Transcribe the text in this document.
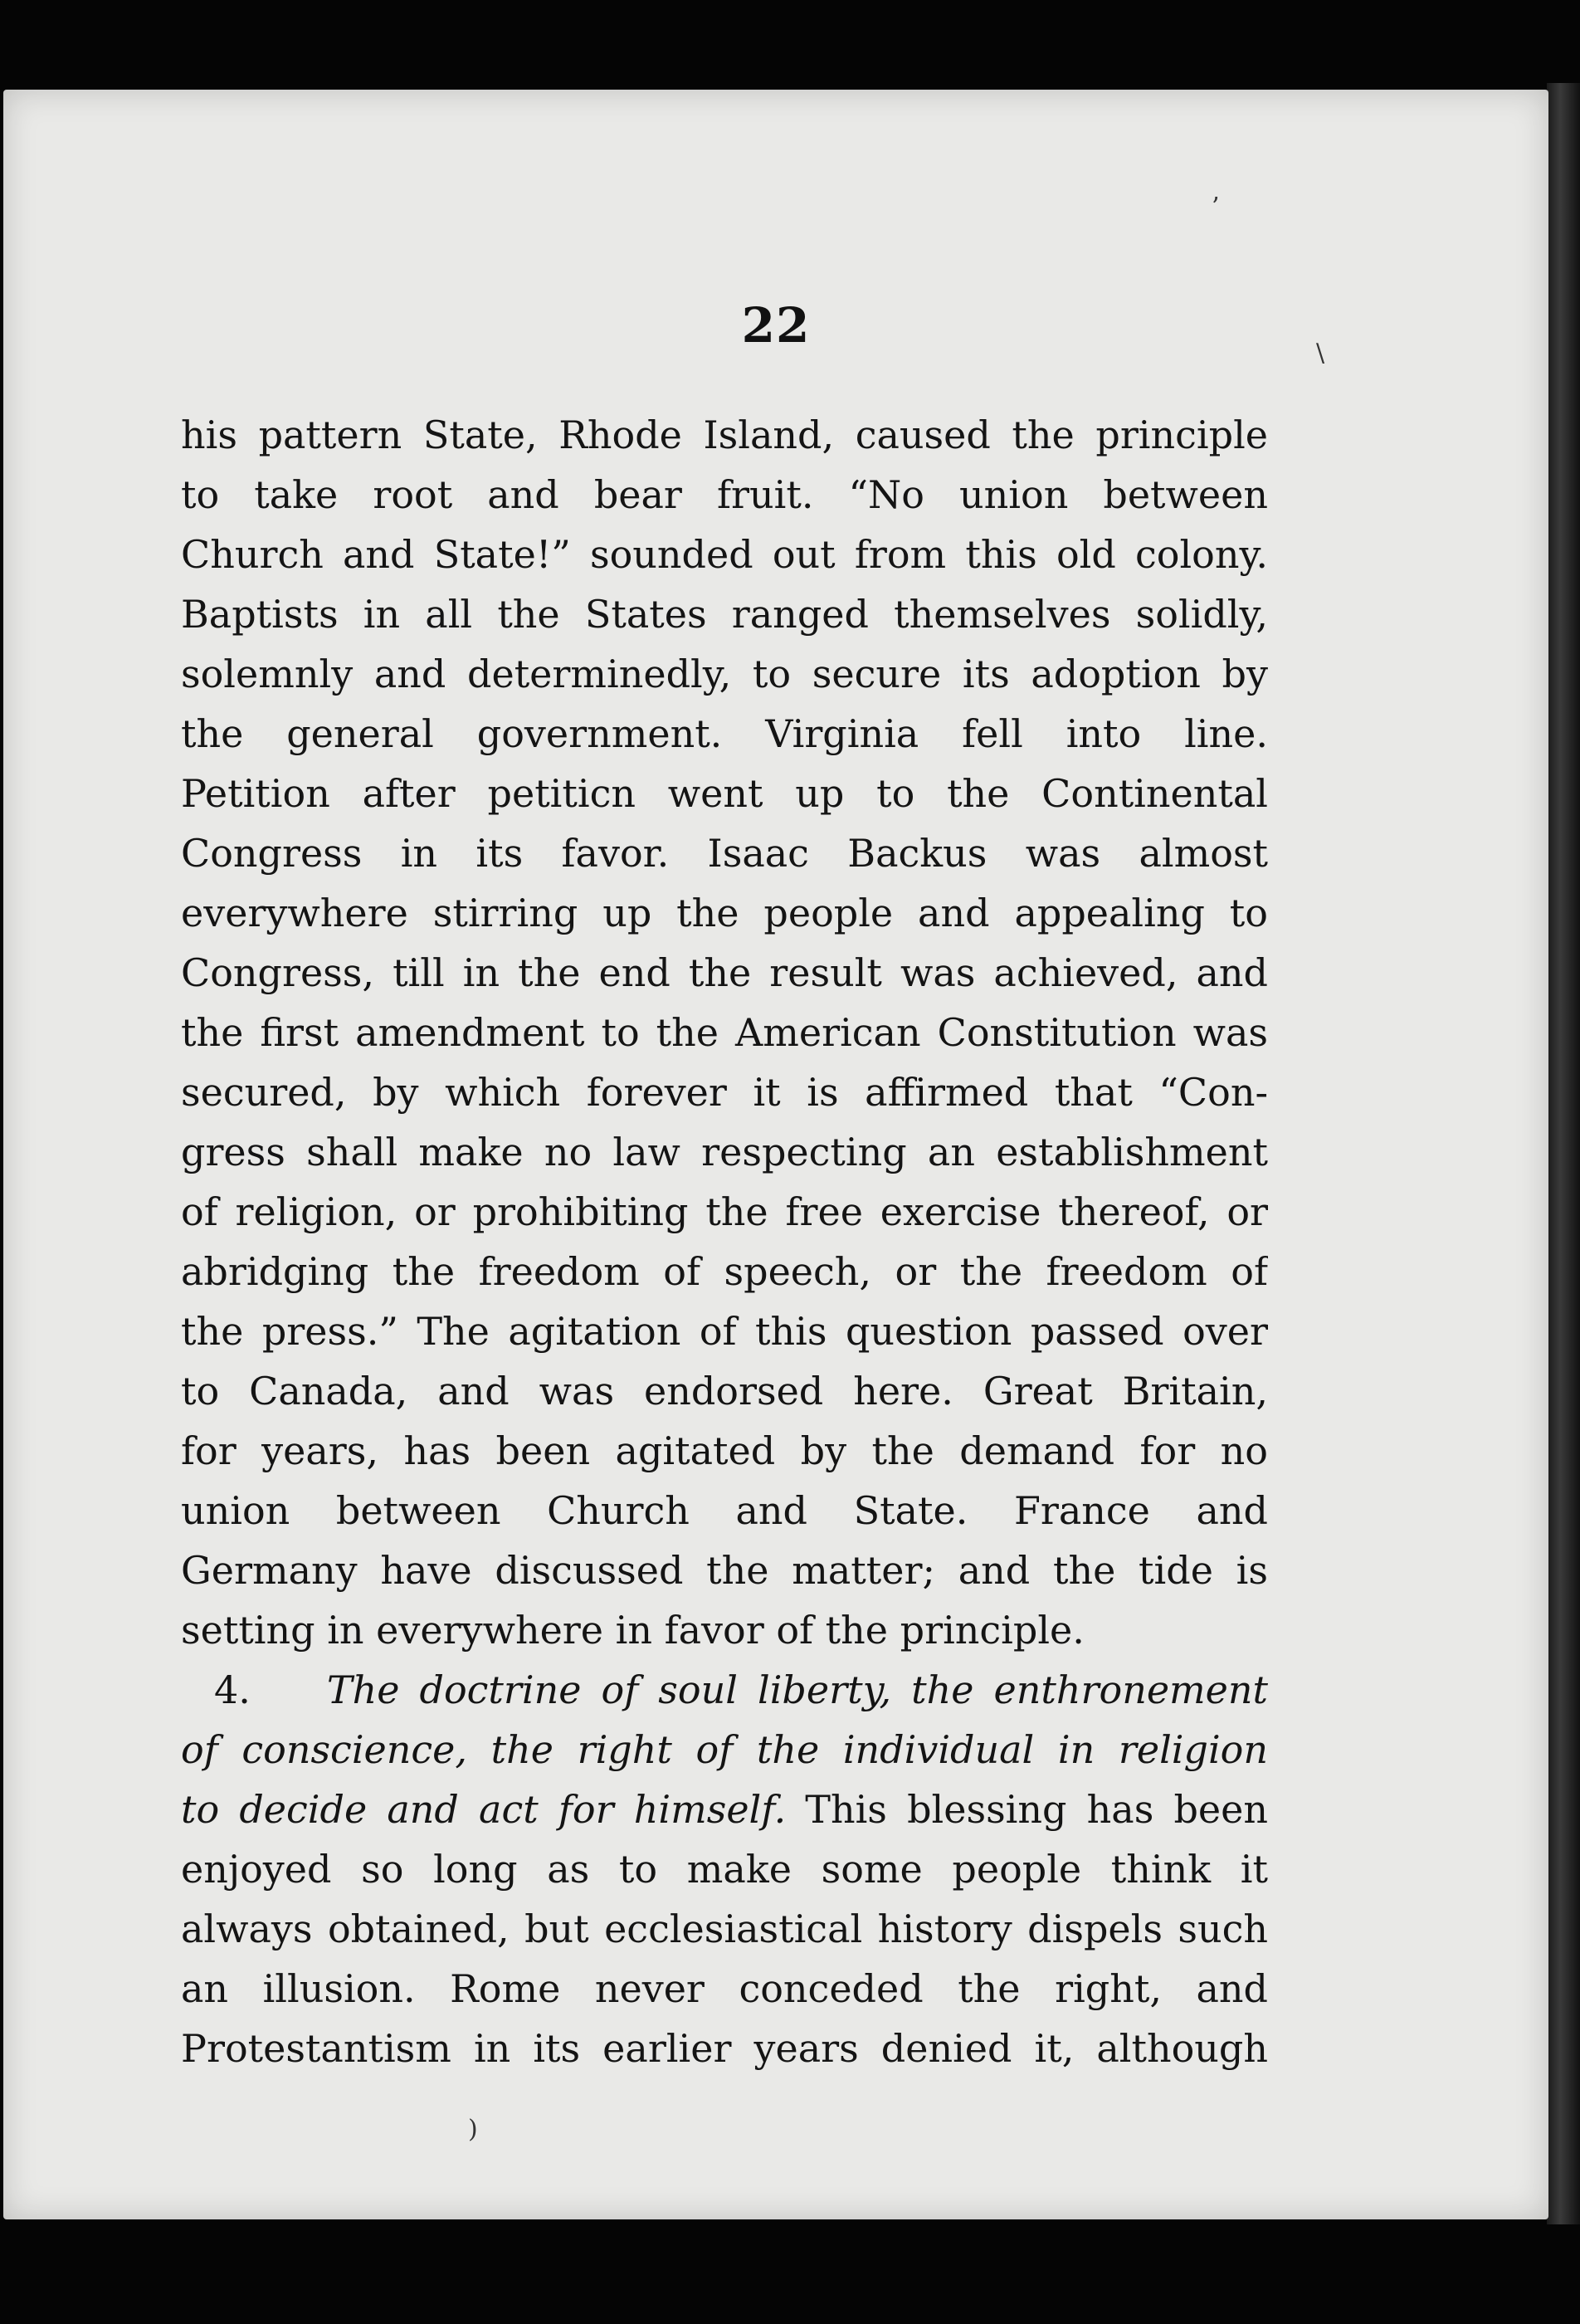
22
his pattern State, Rhode Island, caused the principle
to take root and bear fruit. “No union between
Church and State!” sounded out from this old colony.
Baptists in all the States ranged themselves solidly,
solemnly and determinedly, to secure its adoption by
the general government. Virginia fell into line.
Petition after petiticn went up to the Continental
Congress in its favor. Isaac Backus was almost
everywhere stirring up the people and appealing to
Congress, till in the end the result was achieved, and
the first amendment to the American Constitution was
secured, by which forever it is affirmed that “Con-
gress shall make no law respecting an establishment
of religion, or prohibiting the free exercise thereof, or
abridging the freedom of speech, or the freedom of
the press.” The agitation of this question passed over
to Canada, and was endorsed here. Great Britain,
for years, has been agitated by the demand for no
union between Church and State. France and
Germany have discussed the matter; and the tide is
setting in everywhere in favor of the principle.
4.   The doctrine of soul liberty, the enthronement
of conscience, the right of the individual in religion
to decide and act for himself.  This blessing has been
enjoyed so long as to make some people think it
always obtained, but ecclesiastical history dispels such
an illusion. Rome never conceded the right, and
Protestantism in its earlier years denied it, although
’
\
)
